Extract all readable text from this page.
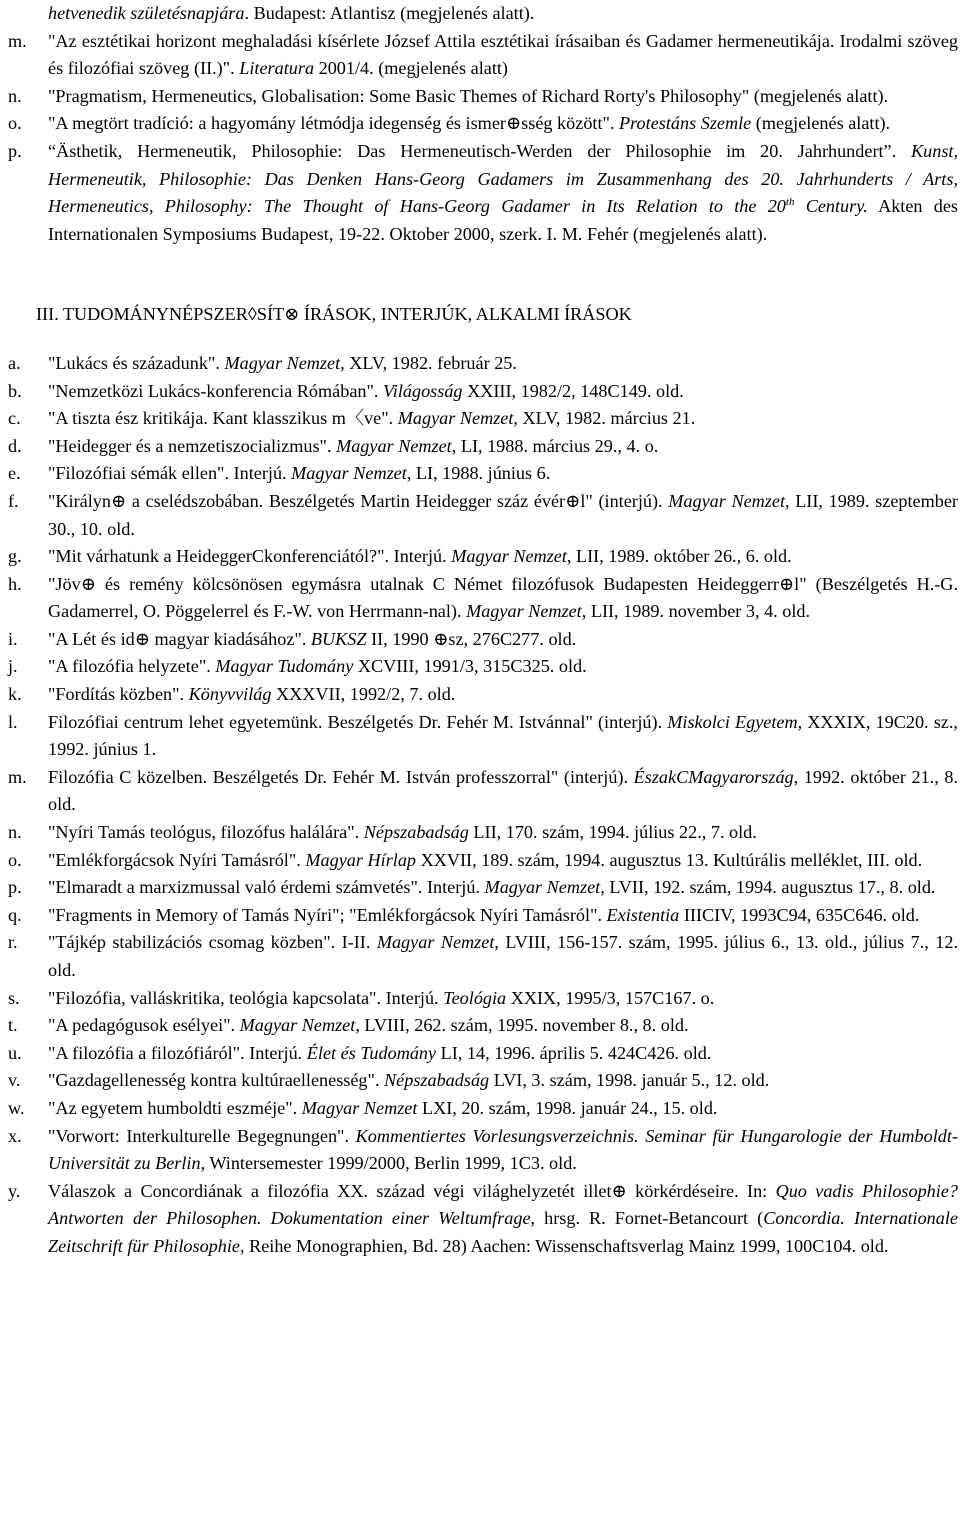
hetvenedik születésnapjára. Budapest: Atlantisz (megjelenés alatt).
m. "Az esztétikai horizont meghaladási kísérlete József Attila esztétikai írásaiban és Gadamer hermeneutikája. Irodalmi szöveg és filozófiai szöveg (II.)". Literatura 2001/4. (megjelenés alatt)
n. "Pragmatism, Hermeneutics, Globalisation: Some Basic Themes of Richard Rorty's Philosophy" (megjelenés alatt).
o. "A megtört tradíció: a hagyomány létmódja idegenség és ismer⊕sség között". Protestáns Szemle (megjelenés alatt).
p. “Ästhetik, Hermeneutik, Philosophie: Das Hermeneutisch-Werden der Philosophie im 20. Jahrhundert”. Kunst, Hermeneutik, Philosophie: Das Denken Hans-Georg Gadamers im Zusammenhang des 20. Jahrhunderts / Arts, Hermeneutics, Philosophy: The Thought of Hans-Georg Gadamer in Its Relation to the 20th Century. Akten des Internationalen Symposiums Budapest, 19-22. Oktober 2000, szerk. I. M. Fehér (megjelenés alatt).
III. TUDOMÁNYNÉPSZER◊SÍT⊗ ÍRÁSOK, INTERJÚK, ALKALMI ÍRÁSOK
a. "Lukács és századunk". Magyar Nemzet, XLV, 1982. február 25.
b. "Nemzetközi Lukács-konferencia Rómában". Világosság XXIII, 1982/2, 148C149. old.
c. "A tiszta ész kritikája. Kant klasszikus m〈ve". Magyar Nemzet, XLV, 1982. március 21.
d. "Heidegger és a nemzetiszocializmus". Magyar Nemzet, LI, 1988. március 29., 4. o.
e. "Filozófiai sémák ellen". Interjú. Magyar Nemzet, LI, 1988. június 6.
f. "Királyn⊕ a cselédszobában. Beszélgetés Martin Heidegger száz évér⊕l" (interjú). Magyar Nemzet, LII, 1989. szeptember 30., 10. old.
g. "Mit várhatunk a HeideggerCkonferenciától?". Interjú. Magyar Nemzet, LII, 1989. október 26., 6. old.
h. "Jöv⊕ és remény kölcsönösen egymásra utalnak C Német filozófusok Budapesten Heideggerr⊕l" (Beszélgetés H.-G. Gadamerrel, O. Pöggelerrel és F.-W. von Herrmann-nal). Magyar Nemzet, LII, 1989. november 3, 4. old.
i. "A Lét és id⊕ magyar kiadásához". BUKSZ II, 1990 ⊕sz, 276C277. old.
j. "A filozófia helyzete". Magyar Tudomány XCVIII, 1991/3, 315C325. old.
k. "Fordítás közben". Könyvvilág XXXVII, 1992/2, 7. old.
l. Filozófiai centrum lehet egyetemünk. Beszélgetés Dr. Fehér M. Istvánnal" (interjú). Miskolci Egyetem, XXXIX, 19C20. sz., 1992. június 1.
m. Filozófia C közelben. Beszélgetés Dr. Fehér M. István professzorral" (interjú). ÉszakCMagyarország, 1992. október 21., 8. old.
n. "Nyíri Tamás teológus, filozófus halálára". Népszabadság LII, 170. szám, 1994. július 22., 7. old.
o. "Emlékforgácsok Nyíri Tamásról". Magyar Hírlap XXVII, 189. szám, 1994. augusztus 13. Kultúrális melléklet, III. old.
p. "Elmaradt a marxizmussal való érdemi számvetés". Interjú. Magyar Nemzet, LVII, 192. szám, 1994. augusztus 17., 8. old.
q. "Fragments in Memory of Tamás Nyíri"; "Emlékforgácsok Nyíri Tamásról". Existentia IIICIV, 1993C94, 635C646. old.
r. "Tájkép stabilizációs csomag közben". I-II. Magyar Nemzet, LVIII, 156-157. szám, 1995. július 6., 13. old., július 7., 12. old.
s. "Filozófia, valláskritika, teológia kapcsolata". Interjú. Teológia XXIX, 1995/3, 157C167. o.
t. "A pedagógusok esélyei". Magyar Nemzet, LVIII, 262. szám, 1995. november 8., 8. old.
u. "A filozófia a filozófiáról". Interjú. Élet és Tudomány LI, 14, 1996. április 5. 424C426. old.
v. "Gazdagellenesség kontra kultúraellenesség". Népszabadság LVI, 3. szám, 1998. január 5., 12. old.
w. "Az egyetem humboldti eszméje". Magyar Nemzet LXI, 20. szám, 1998. január 24., 15. old.
x. "Vorwort: Interkulturelle Begegnungen". Kommentiertes Vorlesungsverzeichnis. Seminar für Hungarologie der Humboldt-Universität zu Berlin, Wintersemester 1999/2000, Berlin 1999, 1C3. old.
y. Válaszok a Concordiának a filozófia XX. század végi világhelyzetét illet⊕ körkérdéseire. In: Quo vadis Philosophie? Antworten der Philosophen. Dokumentation einer Weltumfrage, hrsg. R. Fornet-Betancourt (Concordia. Internationale Zeitschrift für Philosophie, Reihe Monographien, Bd. 28) Aachen: Wissenschaftsverlag Mainz 1999, 100C104. old.
